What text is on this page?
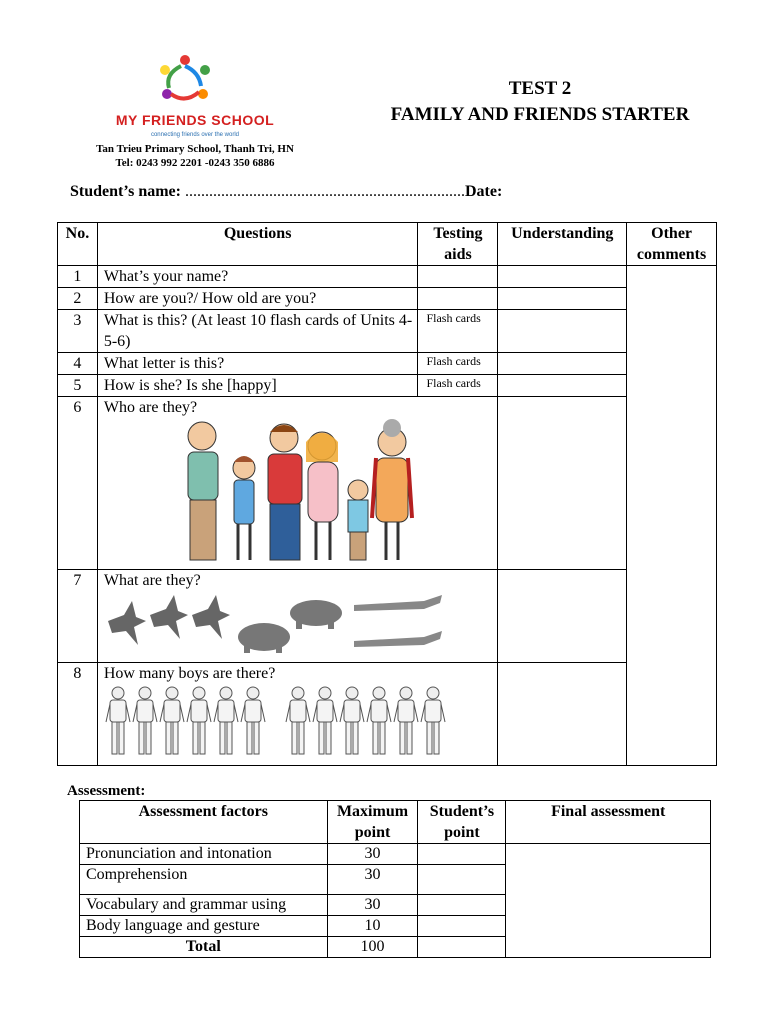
MY FRIENDS SCHOOL
connecting friends over the world
Tan Trieu Primary School, Thanh Tri, HN
Tel: 0243 992 2201 -0243 350 6886
TEST 2
FAMILY AND FRIENDS STARTER
Student’s name: ......................................................................Date:
No.	Questions	Testing aids	Understanding	Other comments
1	What’s your name?			
2	How are you?/ How old are you?			
3	What is this? (At least 10 flash cards of Units 4-5-6)	Flash cards		
4	What letter is this?	Flash cards		
5	How is she? Is she [happy]	Flash cards		
6	Who are they?			

7	What are they?			

8	How many boys are there?			

Assessment:
Assessment factors	Maximum point	Student’s point	Final assessment
Pronunciation and intonation	30		
Comprehension	30		
Vocabulary and grammar using	30		
Body language and gesture	10		
Total	100		
